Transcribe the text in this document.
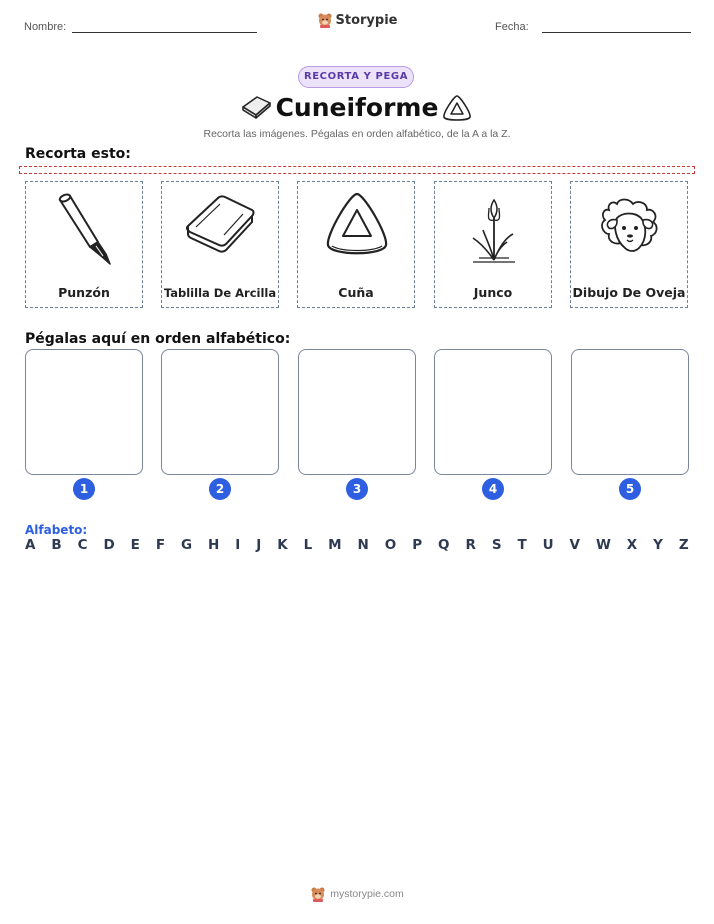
Nombre:	Storypie	Fecha:
RECORTA Y PEGA
Cuneiforme
Recorta las imágenes. Pégalas en orden alfabético, de la A a la Z.
Recorta esto:
Punzón	Tablilla De Arcilla	Cuña	Junco	Dibujo De Oveja
Pégalas aquí en orden alfabético:
1	2	3	4	5
Alfabeto:
A B C D E F G H I J K L M N O P Q R S T U V W X Y Z
mystorypie.com
